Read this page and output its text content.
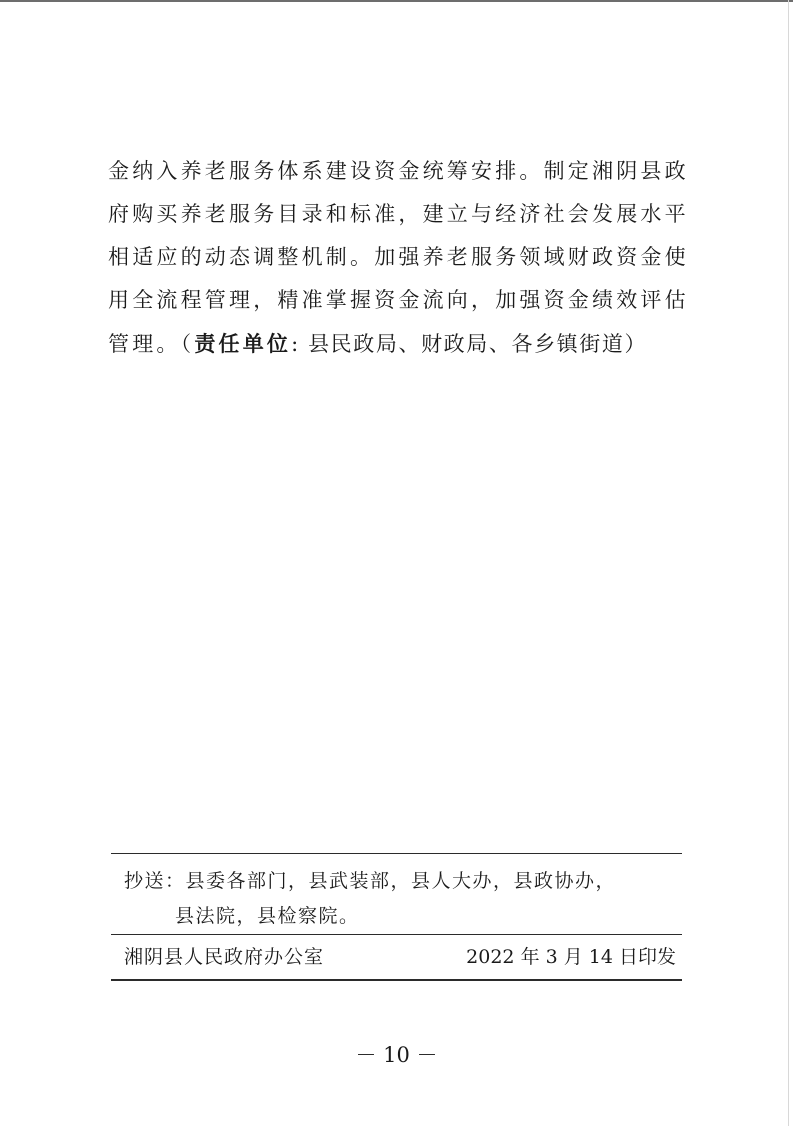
金纳入养老服务体系建设资金统筹安排。制定湘阴县政府购买养老服务目录和标准，建立与经济社会发展水平相适应的动态调整机制。加强养老服务领域财政资金使用全流程管理，精准掌握资金流向，加强资金绩效评估管理。（责任单位: 县民政局、财政局、各乡镇街道）

抄送：县委各部门，县武装部，县人大办，县政协办，
县法院，县检察院。
湘阴县人民政府办公室	2022 年 3 月 14 日印发
－ 10 －
